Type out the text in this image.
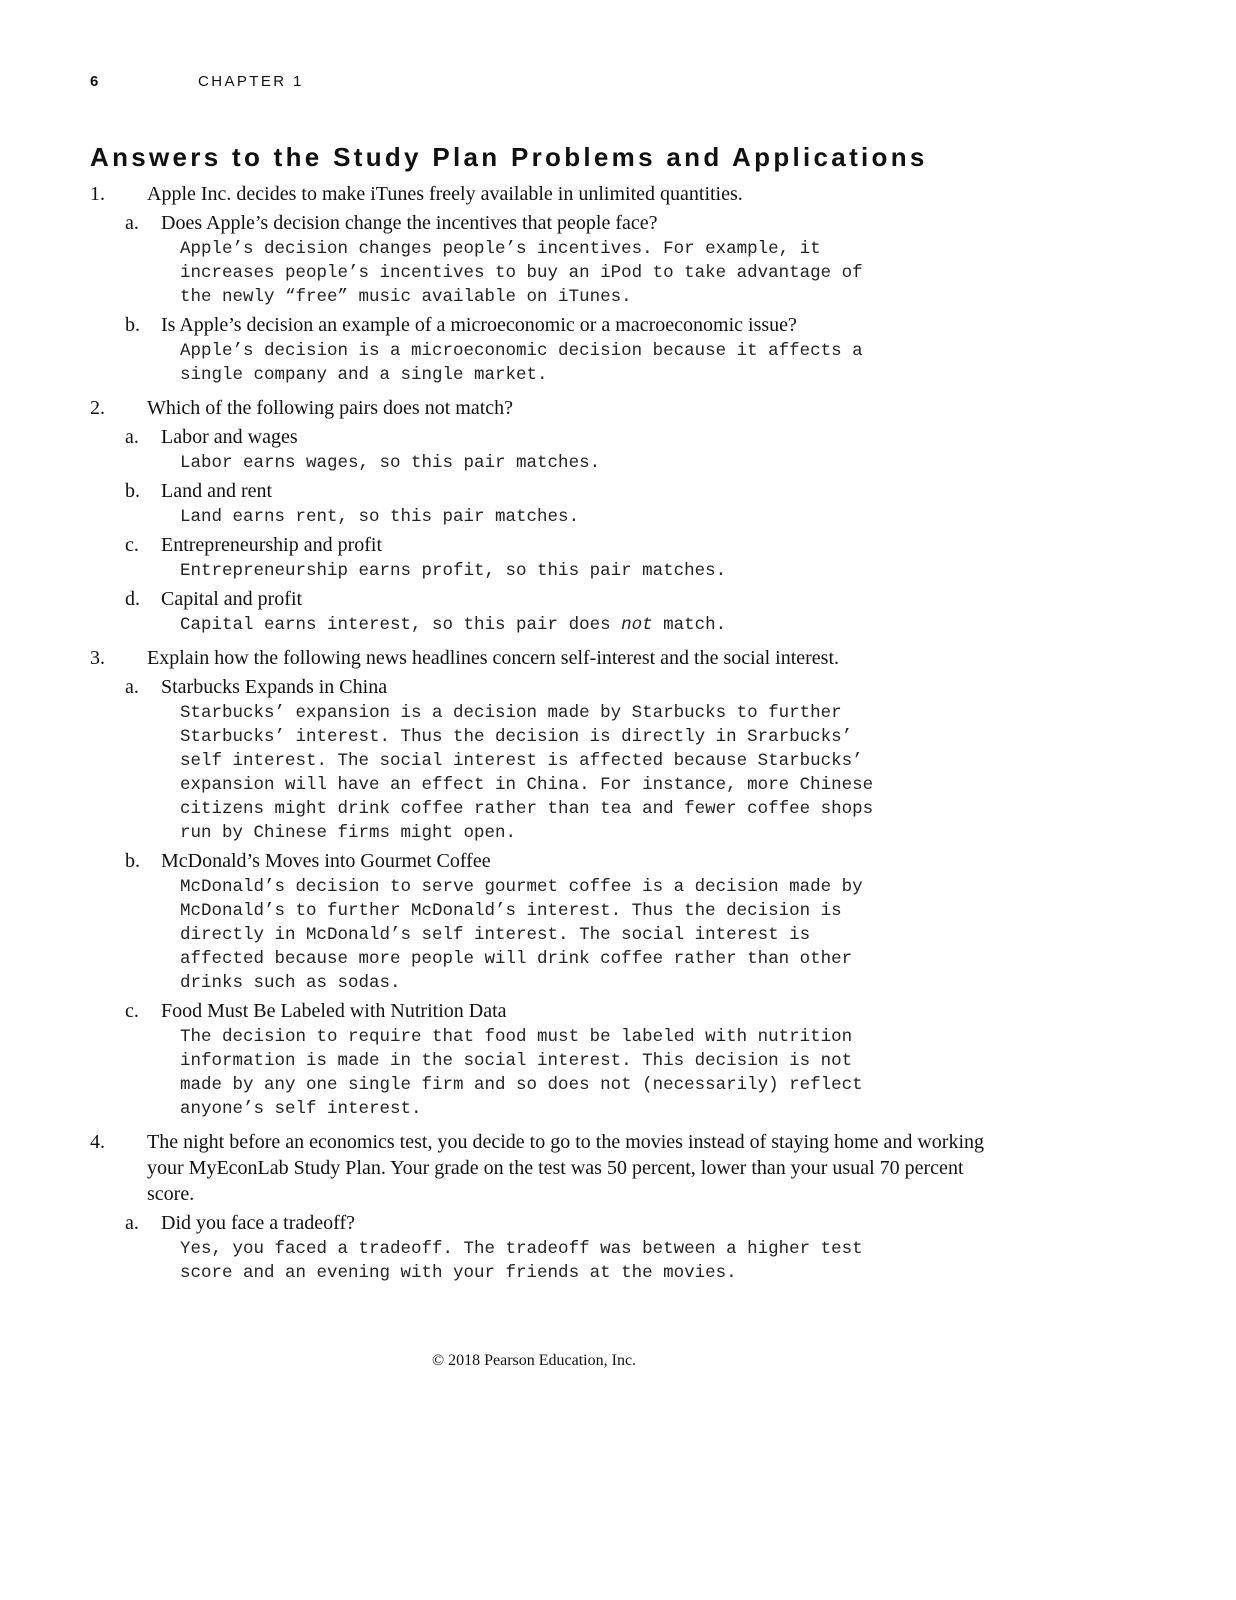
6	CHAPTER 1
Answers to the Study Plan Problems and Applications
1. Apple Inc. decides to make iTunes freely available in unlimited quantities.
a. Does Apple’s decision change the incentives that people face?
Apple’s decision changes people’s incentives. For example, it
increases people’s incentives to buy an iPod to take advantage of
the newly “free” music available on iTunes.
b. Is Apple’s decision an example of a microeconomic or a macroeconomic issue?
Apple’s decision is a microeconomic decision because it affects a
single company and a single market.
2. Which of the following pairs does not match?
a. Labor and wages
Labor earns wages, so this pair matches.
b. Land and rent
Land earns rent, so this pair matches.
c. Entrepreneurship and profit
Entrepreneurship earns profit, so this pair matches.
d. Capital and profit
Capital earns interest, so this pair does not match.
3. Explain how the following news headlines concern self-interest and the social interest.
a. Starbucks Expands in China
Starbucks’ expansion is a decision made by Starbucks to further
Starbucks’ interest. Thus the decision is directly in Srarbucks’
self interest. The social interest is affected because Starbucks’
expansion will have an effect in China. For instance, more Chinese
citizens might drink coffee rather than tea and fewer coffee shops
run by Chinese firms might open.
b. McDonald’s Moves into Gourmet Coffee
McDonald’s decision to serve gourmet coffee is a decision made by
McDonald’s to further McDonald’s interest. Thus the decision is
directly in McDonald’s self interest. The social interest is
affected because more people will drink coffee rather than other
drinks such as sodas.
c. Food Must Be Labeled with Nutrition Data
The decision to require that food must be labeled with nutrition
information is made in the social interest. This decision is not
made by any one single firm and so does not (necessarily) reflect
anyone’s self interest.
4. The night before an economics test, you decide to go to the movies instead of staying home and working your MyEconLab Study Plan. Your grade on the test was 50 percent, lower than your usual 70 percent score.
a. Did you face a tradeoff?
Yes, you faced a tradeoff. The tradeoff was between a higher test
score and an evening with your friends at the movies.
© 2018 Pearson Education, Inc.
